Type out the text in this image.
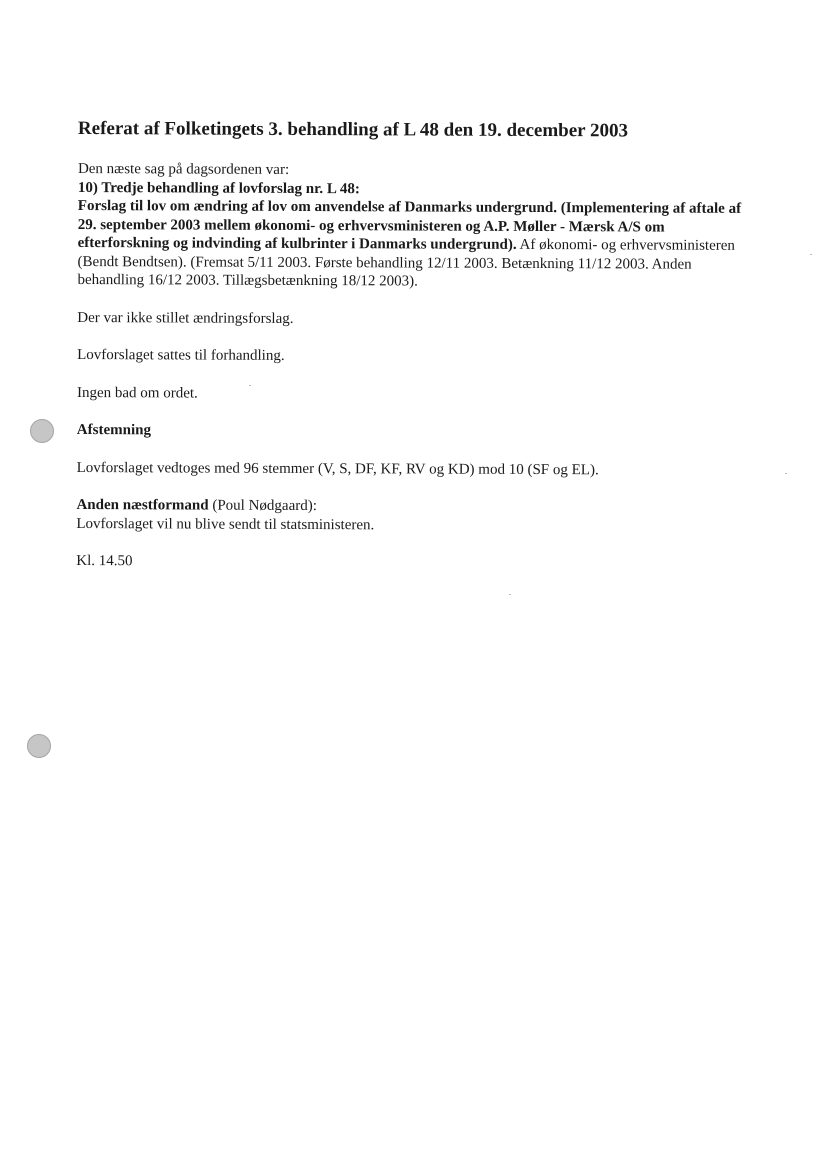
Referat af Folketingets 3. behandling af L 48 den 19. december 2003

Den næste sag på dagsordenen var:

10) Tredje behandling af lovforslag nr. L 48:

Forslag til lov om ændring af lov om anvendelse af Danmarks undergrund. (Implementering af aftale af 29. september 2003 mellem økonomi- og erhvervsministeren og A.P. Møller - Mærsk A/S om efterforskning og indvinding af kulbrinter i Danmarks undergrund). Af økonomi- og erhvervsministeren (Bendt Bendtsen). (Fremsat 5/11 2003. Første behandling 12/11 2003. Betænkning 11/12 2003. Anden behandling 16/12 2003. Tillægsbetænkning 18/12 2003).

Der var ikke stillet ændringsforslag.

Lovforslaget sattes til forhandling.

Ingen bad om ordet.

Afstemning

Lovforslaget vedtoges med 96 stemmer (V, S, DF, KF, RV og KD) mod 10 (SF og EL).

Anden næstformand (Poul Nødgaard):

Lovforslaget vil nu blive sendt til statsministeren.

Kl. 14.50
